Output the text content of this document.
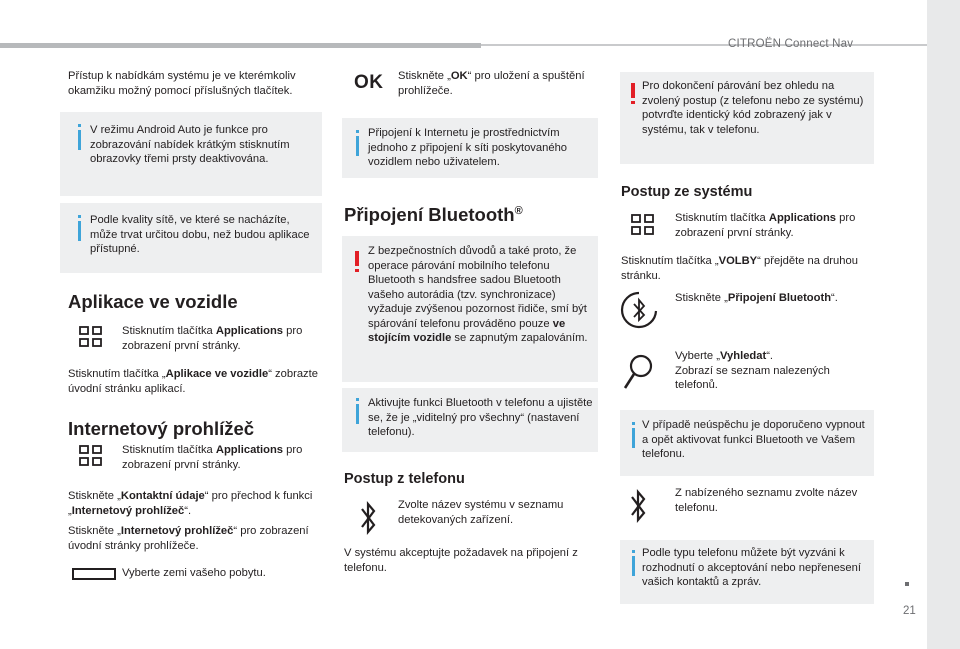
CITROËN Connect Nav
21

Přístup k nabídkám systému je ve kterémkoliv okamžiku možný pomocí příslušných tlačítek.

V režimu Android Auto je funkce pro zobrazování nabídek krátkým stisknutím obrazovky třemi prsty deaktivována.

Podle kvality sítě, ve které se nacházíte, může trvat určitou dobu, než budou aplikace přístupné.

Aplikace ve vozidle

Stisknutím tlačítka Applications pro zobrazení první stránky.

Stisknutím tlačítka „Aplikace ve vozidle“ zobrazte úvodní stránku aplikací.

Internetový prohlížeč

Stisknutím tlačítka Applications pro zobrazení první stránky.

Stiskněte „Kontaktní údaje“ pro přechod k funkci „Internetový prohlížeč“.

Stiskněte „Internetový prohlížeč“ pro zobrazení úvodní stránky prohlížeče.

Vyberte zemi vašeho pobytu.

OK Stiskněte „OK“ pro uložení a spuštění prohlížeče.

Připojení k Internetu je prostřednictvím jednoho z připojení k síti poskytovaného vozidlem nebo uživatelem.

Připojení Bluetooth®

Z bezpečnostních důvodů a také proto, že operace párování mobilního telefonu Bluetooth s handsfree sadou Bluetooth vašeho autorádia (tzv. synchronizace) vyžaduje zvýšenou pozornost řidiče, smí být spárování telefonu prováděno pouze ve stojícím vozidle se zapnutým zapalováním.

Aktivujte funkci Bluetooth v telefonu a ujistěte se, že je „viditelný pro všechny“ (nastavení telefonu).

Postup z telefonu

Zvolte název systému v seznamu detekovaných zařízení.

V systému akceptujte požadavek na připojení z telefonu.

Pro dokončení párování bez ohledu na zvolený postup (z telefonu nebo ze systému) potvrďte identický kód zobrazený jak v systému, tak v telefonu.

Postup ze systému

Stisknutím tlačítka Applications pro zobrazení první stránky.

Stisknutím tlačítka „VOLBY“ přejděte na druhou stránku.

Stiskněte „Připojení Bluetooth“.

Vyberte „Vyhledat“.
Zobrazí se seznam nalezených telefonů.

V případě neúspěchu je doporučeno vypnout a opět aktivovat funkci Bluetooth ve Vašem telefonu.

Z nabízeného seznamu zvolte název telefonu.

Podle typu telefonu můžete být vyzváni k rozhodnutí o akceptování nebo nepřenesení vašich kontaktů a zpráv.
